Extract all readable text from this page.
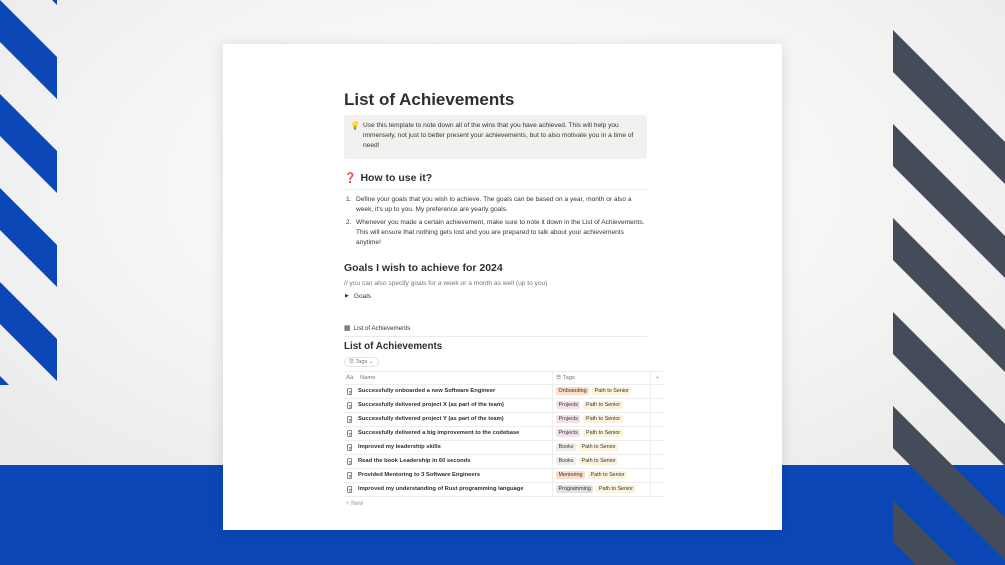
List of Achievements
💡 Use this template to note down all of the wins that you have achieved. This will help you immensely, not just to better present your achievements, but to also motivate you in a time of need!
❓ How to use it?
1. Define your goals that you wish to achieve. The goals can be based on a year, month or also a week, it's up to you. My preference are yearly goals.
2. Whenever you made a certain achievement, make sure to note it down in the List of Achievements. This will ensure that nothing gets lost and you are prepared to talk about your achievements anytime!
Goals I wish to achieve for 2024
// you can also specify goals for a week or a month as well (up to you)
▶ Goals
▦ List of Achievements
List of Achievements
☰ Tags ⌄
Aa Name	☰ Tags	+
Successfully onboarded a new Software Engineer	Onboarding Path to Senior
Successfully delivered project X (as part of the team)	Projects Path to Senior
Successfully delivered project Y (as part of the team)	Projects Path to Senior
Successfully delivered a big improvement to the codebase	Projects Path to Senior
Improved my leadership skills	Books Path to Senior
Read the book Leadership in 60 seconds	Books Path to Senior
Provided Mentoring to 3 Software Engineers	Mentoring Path to Senior
Improved my understanding of Rust programming language	Programming Path to Senior
+ New
